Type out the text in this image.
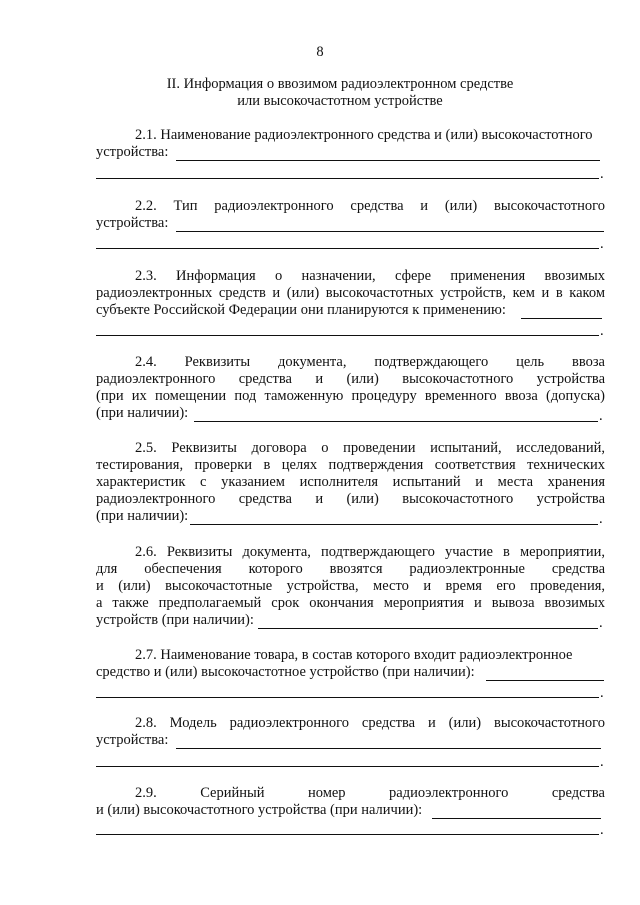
8
II. Информация о ввозимом радиоэлектронном средстве
или высокочастотном устройстве
2.1. Наименование радиоэлектронного средства и (или) высокочастотного
устройства:
.
2.2. Тип радиоэлектронного средства и (или) высокочастотного
устройства:
.
2.3. Информация о назначении, сфере применения ввозимых
радиоэлектронных средств и (или) высокочастотных устройств, кем и в каком
субъекте Российской Федерации они планируются к применению:
.
2.4. Реквизиты документа, подтверждающего цель ввоза
радиоэлектронного средства и (или) высокочастотного устройства
(при их помещении под таможенную процедуру временного ввоза (допуска)
(при наличии):	.
2.5. Реквизиты договора о проведении испытаний, исследований,
тестирования, проверки в целях подтверждения соответствия технических
характеристик с указанием исполнителя испытаний и места хранения
радиоэлектронного средства и (или) высокочастотного устройства
(при наличии):	.
2.6. Реквизиты документа, подтверждающего участие в мероприятии,
для обеспечения которого ввозятся радиоэлектронные средства
и (или) высокочастотные устройства, место и время его проведения,
а также предполагаемый срок окончания мероприятия и вывоза ввозимых
устройств (при наличии):	.
2.7. Наименование товара, в состав которого входит радиоэлектронное
средство и (или) высокочастотное устройство (при наличии):
.
2.8. Модель радиоэлектронного средства и (или) высокочастотного
устройства:
.
2.9. Серийный номер радиоэлектронного средства
и (или) высокочастотного устройства (при наличии):
.
